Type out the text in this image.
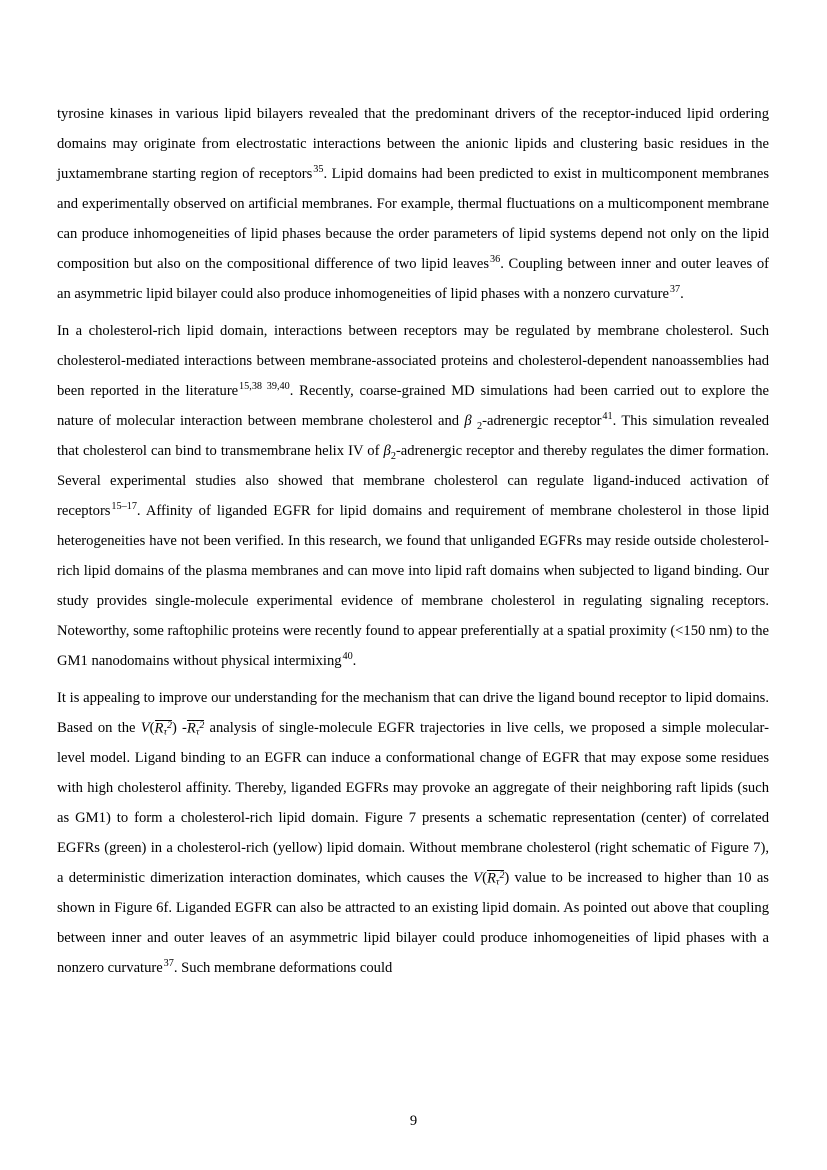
tyrosine kinases in various lipid bilayers revealed that the predominant drivers of the receptor-induced lipid ordering domains may originate from electrostatic interactions between the anionic lipids and clustering basic residues in the juxtamembrane starting region of receptors$^{35}$. Lipid domains had been predicted to exist in multicomponent membranes and experimentally observed on artificial membranes. For example, thermal fluctuations on a multicomponent membrane can produce inhomogeneities of lipid phases because the order parameters of lipid systems depend not only on the lipid composition but also on the compositional difference of two lipid leaves$^{36}$. Coupling between inner and outer leaves of an asymmetric lipid bilayer could also produce inhomogeneities of lipid phases with a nonzero curvature$^{37}$.

In a cholesterol-rich lipid domain, interactions between receptors may be regulated by membrane cholesterol. Such cholesterol-mediated interactions between membrane-associated proteins and cholesterol-dependent nanoassemblies had been reported in the literature$^{15,38 39,40}$. Recently, coarse-grained MD simulations had been carried out to explore the nature of molecular interaction between membrane cholesterol and β $_2$-adrenergic receptor$^{41}$. This simulation revealed that cholesterol can bind to transmembrane helix IV of $\beta_2$-adrenergic receptor and thereby regulates the dimer formation. Several experimental studies also showed that membrane cholesterol can regulate ligand-induced activation of receptors$^{15-17}$. Affinity of liganded EGFR for lipid domains and requirement of membrane cholesterol in those lipid heterogeneities have not been verified. In this research, we found that unliganded EGFRs may reside outside cholesterol-rich lipid domains of the plasma membranes and can move into lipid raft domains when subjected to ligand binding. Our study provides single-molecule experimental evidence of membrane cholesterol in regulating signaling receptors. Noteworthy, some raftophilic proteins were recently found to appear preferentially at a spatial proximity (<150 nm) to the GM1 nanodomains without physical intermixing$^{40}$.

It is appealing to improve our understanding for the mechanism that can drive the ligand bound receptor to lipid domains. Based on the $V(R\tau^2)$ $-R\tau^2$ analysis of single-molecule EGFR trajectories in live cells, we proposed a simple molecular-level model. Ligand binding to an EGFR can induce a conformational change of EGFR that may expose some residues with high cholesterol affinity. Thereby, liganded EGFRs may provoke an aggregate of their neighboring raft lipids (such as GM1) to form a cholesterol-rich lipid domain. Figure 7 presents a schematic representation (center) of correlated EGFRs (green) in a cholesterol-rich (yellow) lipid domain. Without membrane cholesterol (right schematic of Figure 7), a deterministic dimerization interaction dominates, which causes the $V(R\tau^2)$ value to be increased to higher than 10 as shown in Figure 6f. Liganded EGFR can also be attracted to an existing lipid domain. As pointed out above that coupling between inner and outer leaves of an asymmetric lipid bilayer could produce inhomogeneities of lipid phases with a nonzero curvature$^{37}$. Such membrane deformations could

9
